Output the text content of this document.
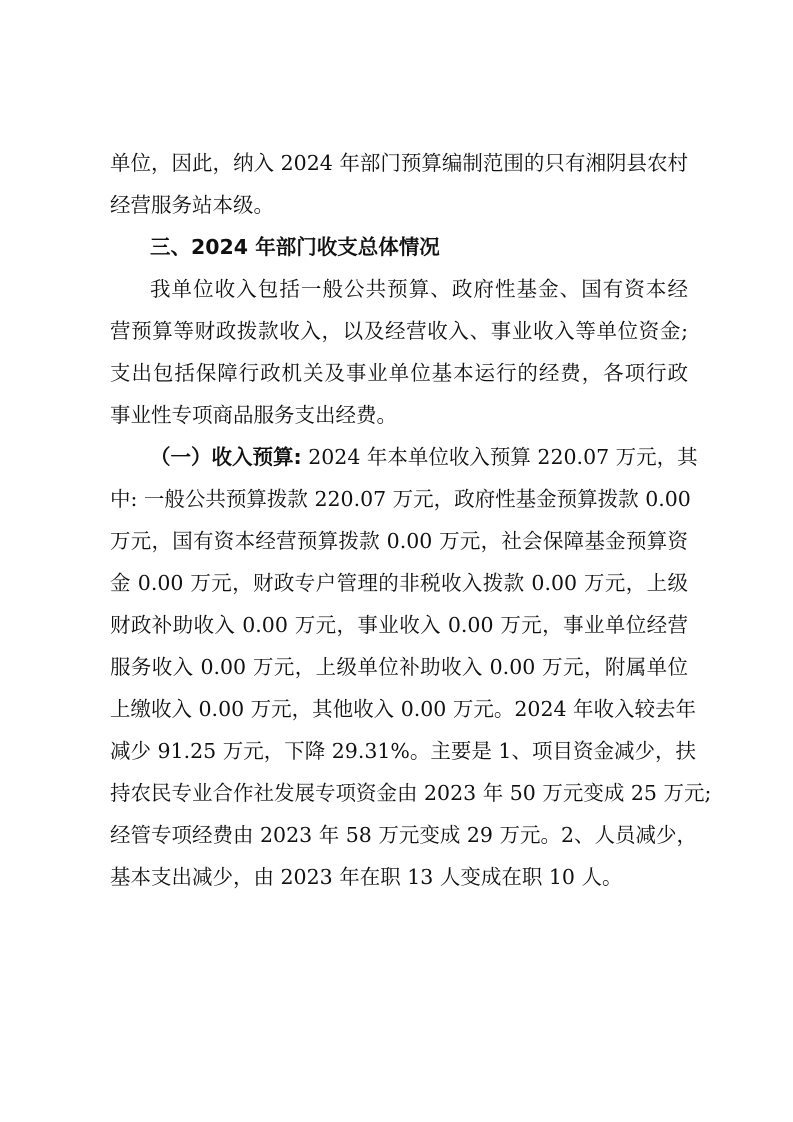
单位，因此，纳入 2024 年部门预算编制范围的只有湘阴县农村
经营服务站本级。
三、2024 年部门收支总体情况
我单位收入包括一般公共预算、政府性基金、国有资本经
营预算等财政拨款收入，以及经营收入、事业收入等单位资金;
支出包括保障行政机关及事业单位基本运行的经费，各项行政
事业性专项商品服务支出经费。
（一）收入预算: 2024 年本单位收入预算 220.07 万元，其
中: 一般公共预算拨款 220.07 万元，政府性基金预算拨款 0.00
万元，国有资本经营预算拨款 0.00 万元，社会保障基金预算资
金 0.00 万元，财政专户管理的非税收入拨款 0.00 万元，上级
财政补助收入 0.00 万元，事业收入 0.00 万元，事业单位经营
服务收入 0.00 万元，上级单位补助收入 0.00 万元，附属单位
上缴收入 0.00 万元，其他收入 0.00 万元。2024 年收入较去年
减少 91.25 万元，下降 29.31%。主要是 1、项目资金减少，扶
持农民专业合作社发展专项资金由 2023 年 50 万元变成 25 万元;
经管专项经费由 2023 年 58 万元变成 29 万元。2、人员减少，
基本支出减少，由 2023 年在职 13 人变成在职 10 人。
